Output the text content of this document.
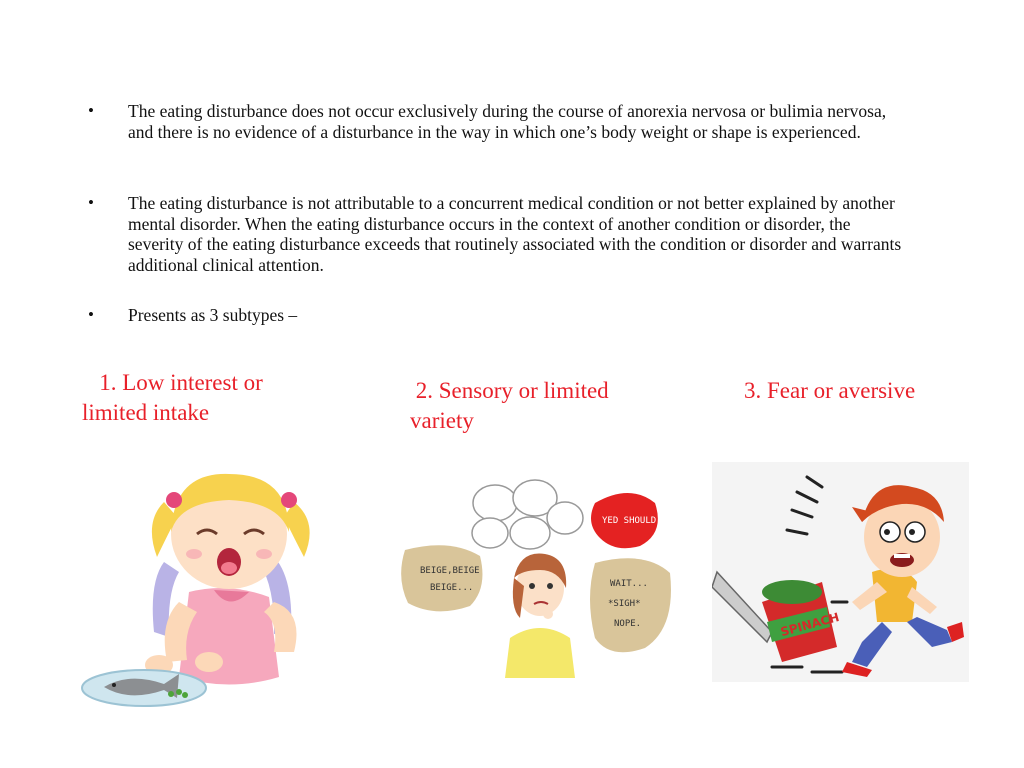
• The eating disturbance does not occur exclusively during the course of anorexia nervosa or bulimia nervosa, and there is no evidence of a disturbance in the way in which one’s body weight or shape is experienced.
• The eating disturbance is not attributable to a concurrent medical condition or not better explained by another mental disorder. When the eating disturbance occurs in the context of another condition or disorder, the severity of the eating disturbance exceeds that routinely associated with the condition or disorder and warrants additional clinical attention.
• Presents as 3 subtypes –
1. Low interest or limited intake
2. Sensory or limited variety
3. Fear or aversive
BEIGE,BEIGE
BEIGE...
YED SHOULD
WAIT...
*SIGH*
NOPE.	SPINACH
